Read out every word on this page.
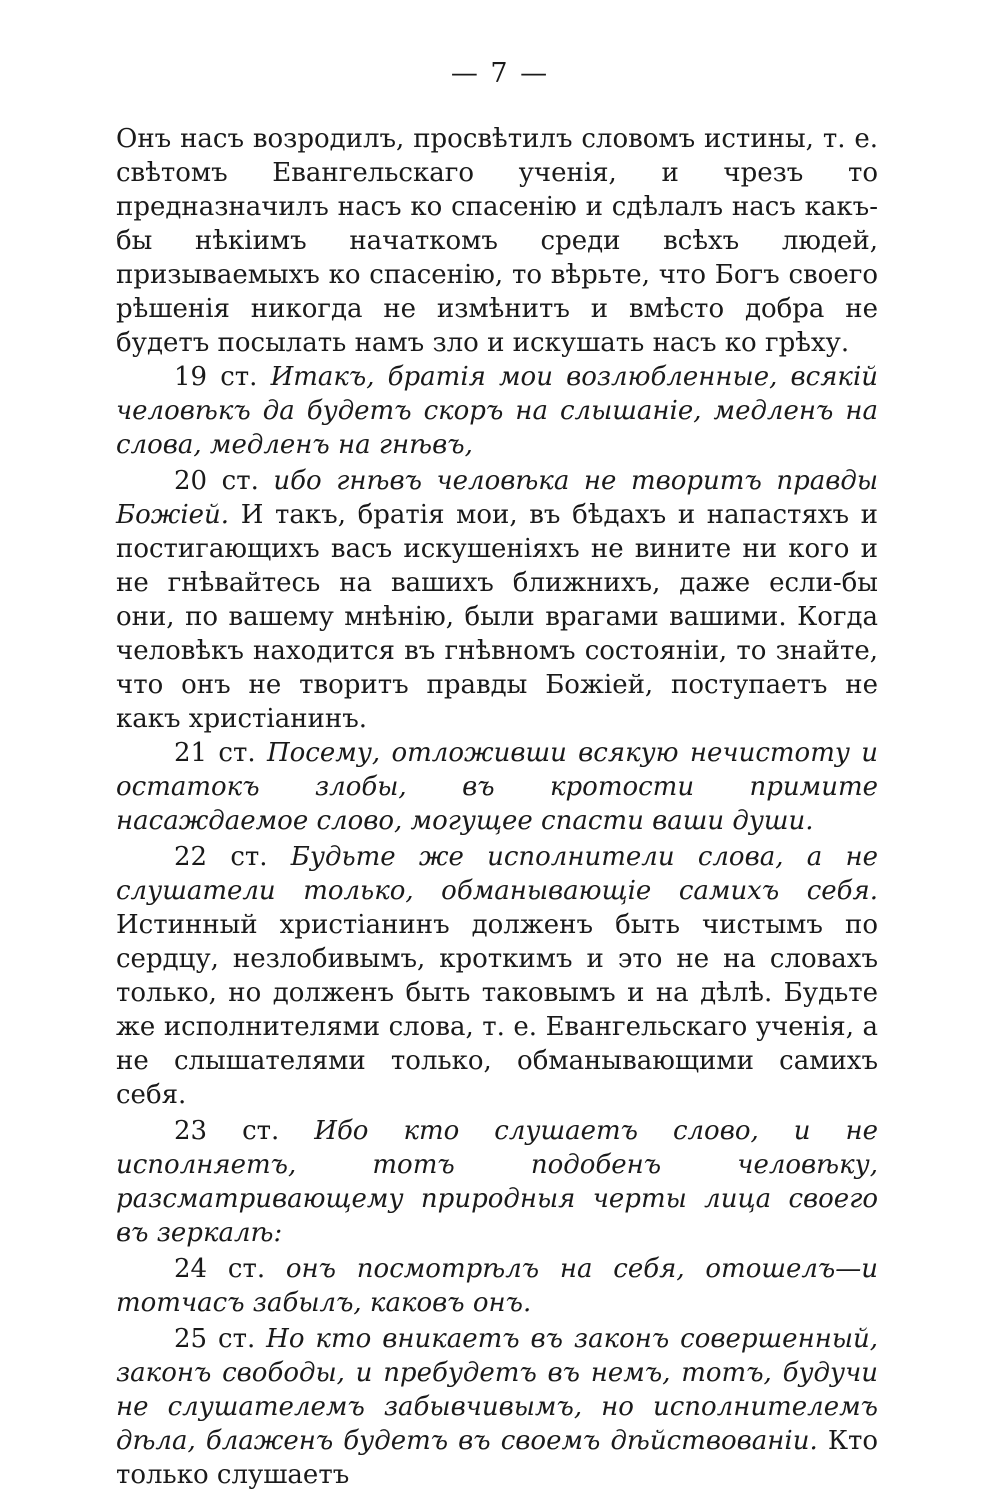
— 7 —

Онъ насъ возродилъ, просвѣтилъ словомъ истины, т. е. свѣтомъ Евангельскаго ученія, и чрезъ то предназначилъ насъ ко спасенію и сдѣлалъ насъ какъ-бы нѣкіимъ начаткомъ среди всѣхъ людей, призываемыхъ ко спасенію, то вѣрьте, что Богъ своего рѣшенія никогда не измѣнитъ и вмѣсто добра не будетъ посылать намъ зло и искушать насъ ко грѣху.

19 ст. Итакъ, братія мои возлюбленные, всякій человѣкъ да будетъ скоръ на слышаніе, медленъ на слова, медленъ на гнѣвъ,

20 ст. ибо гнѣвъ человѣка не творитъ правды Божіей. И такъ, братія мои, въ бѣдахъ и напастяхъ и постигающихъ васъ искушеніяхъ не вините ни кого и не гнѣвайтесь на вашихъ ближнихъ, даже если-бы они, по вашему мнѣнію, были врагами вашими. Когда человѣкъ находится въ гнѣвномъ состояніи, то знайте, что онъ не творитъ правды Божіей, поступаетъ не какъ христіанинъ.

21 ст. Посему, отложивши всякую нечистоту и остатокъ злобы, въ кротости примите насаждаемое слово, могущее спасти ваши души.

22 ст. Будьте же исполнители слова, а не слушатели только, обманывающіе самихъ себя. Истинный христіанинъ долженъ быть чистымъ по сердцу, незлобивымъ, кроткимъ и это не на словахъ только, но долженъ быть таковымъ и на дѣлѣ. Будьте же исполнителями слова, т. е. Евангельскаго ученія, а не слышателями только, обманывающими самихъ себя.

23 ст. Ибо кто слушаетъ слово, и не исполняетъ, тотъ подобенъ человѣку, разсматривающему природныя черты лица своего въ зеркалѣ:

24 ст. онъ посмотрѣлъ на себя, отошелъ—и тотчасъ забылъ, каковъ онъ.

25 ст. Но кто вникаетъ въ законъ совершенный, законъ свободы, и пребудетъ въ немъ, тотъ, будучи не слушателемъ забывчивымъ, но исполнителемъ дѣла, блаженъ будетъ въ своемъ дѣйствованіи. Кто только слушаетъ
